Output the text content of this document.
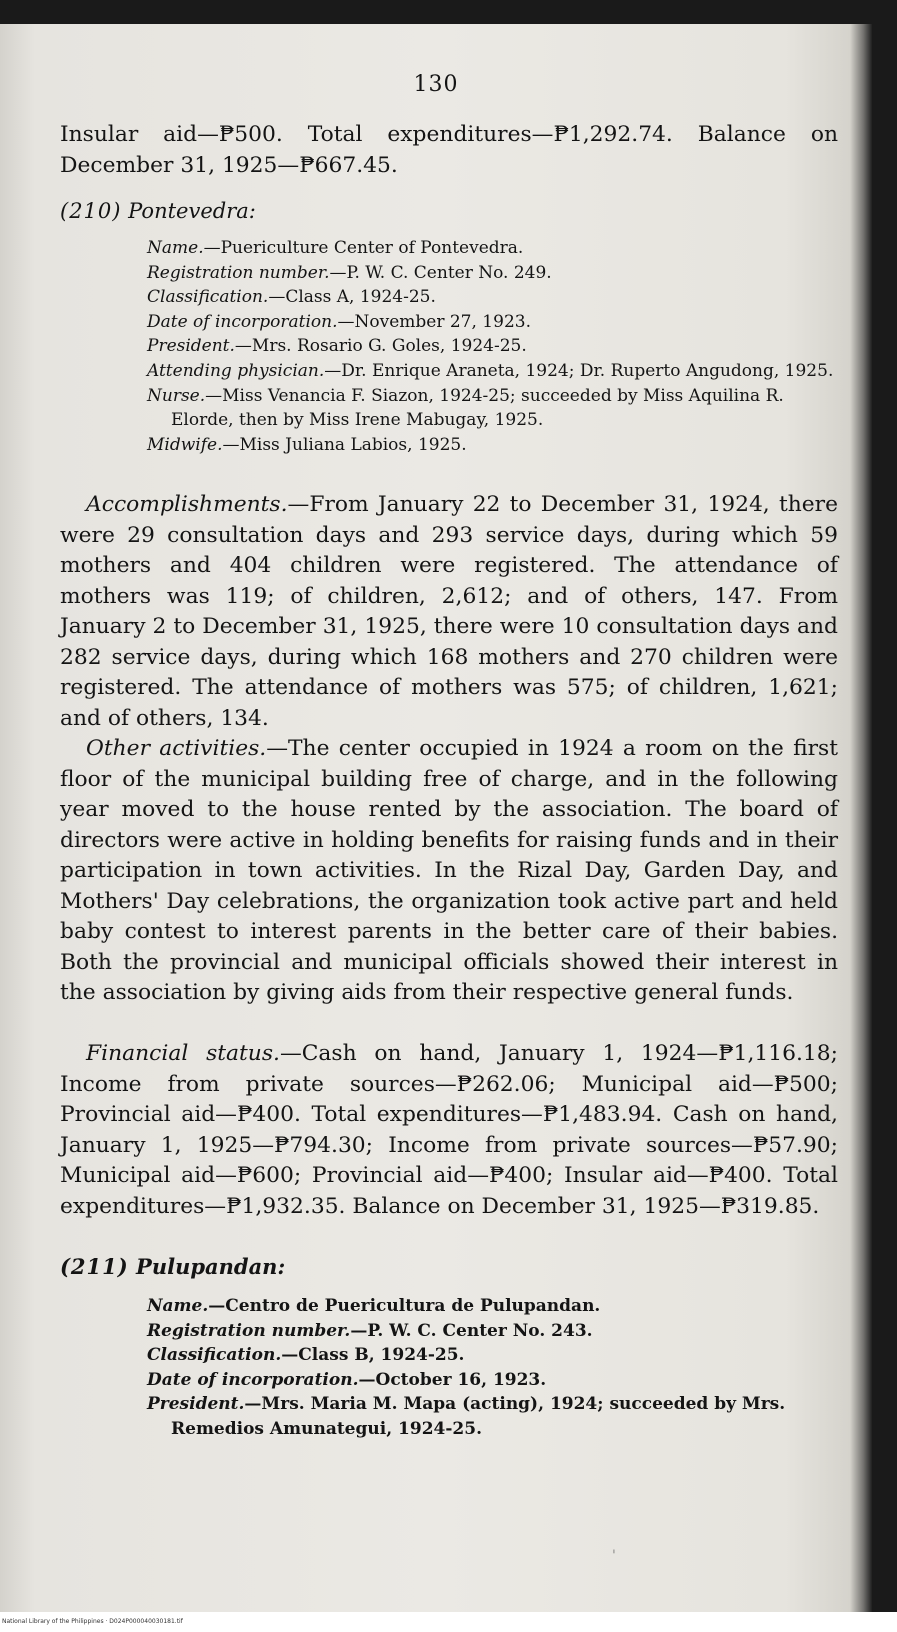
130

Insular aid—₱500. Total expenditures—₱1,292.74. Balance on December 31, 1925—₱667.45.

(210) Pontevedra:

Name.—Puericulture Center of Pontevedra.

Registration number.—P. W. C. Center No. 249.

Classification.—Class A, 1924-25.

Date of incorporation.—November 27, 1923.

President.—Mrs. Rosario G. Goles, 1924-25.

Attending physician.—Dr. Enrique Araneta, 1924; Dr. Ruperto Angudong, 1925.

Nurse.—Miss Venancia F. Siazon, 1924-25; succeeded by Miss Aquilina R. Elorde, then by Miss Irene Mabugay, 1925.

Midwife.—Miss Juliana Labios, 1925.

Accomplishments.—From January 22 to December 31, 1924, there were 29 consultation days and 293 service days, during which 59 mothers and 404 children were registered. The attendance of mothers was 119; of children, 2,612; and of others, 147. From January 2 to December 31, 1925, there were 10 consultation days and 282 service days, during which 168 mothers and 270 children were registered. The attendance of mothers was 575; of children, 1,621; and of others, 134.

Other activities.—The center occupied in 1924 a room on the first floor of the municipal building free of charge, and in the following year moved to the house rented by the association. The board of directors were active in holding benefits for raising funds and in their participation in town activities. In the Rizal Day, Garden Day, and Mothers' Day celebrations, the organization took active part and held baby contest to interest parents in the better care of their babies. Both the provincial and municipal officials showed their interest in the association by giving aids from their respective general funds.

Financial status.—Cash on hand, January 1, 1924—₱1,116.18; Income from private sources—₱262.06; Municipal aid—₱500; Provincial aid—₱400. Total expenditures—₱1,483.94. Cash on hand, January 1, 1925—₱794.30; Income from private sources—₱57.90; Municipal aid—₱600; Provincial aid—₱400; Insular aid—₱400. Total expenditures—₱1,932.35. Balance on December 31, 1925—₱319.85.

(211) Pulupandan:

Name.—Centro de Puericultura de Pulupandan.

Registration number.—P. W. C. Center No. 243.

Classification.—Class B, 1924-25.

Date of incorporation.—October 16, 1923.

President.—Mrs. Maria M. Mapa (acting), 1924; succeeded by Mrs. Remedios Amunategui, 1924-25.

'
National Library of the Philippines · D024P000040030181.tif
